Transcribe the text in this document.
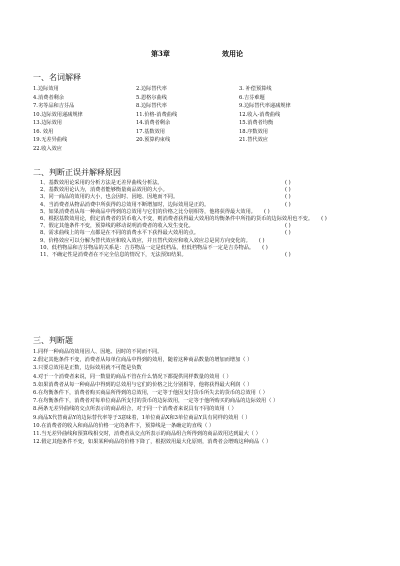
第3章	效用论
一、名词解释
1.边际效用	2.边际替代率	3. 补偿预算线
4.消费者剩余	5.恩格尔曲线	6.吉芬难题
7.劣等品和吉芬品	8.边际替代率	9.边际替代率递减规律
10.边际效用递减规律	11.价格-消费曲线	12.收入-消费曲线
13.边际效用	14.消费者剩余	15.消费者均衡
16. 效用	17.基数效用	18.序数效用
19.无差异曲线	20.预算约束线	21.替代效应
22.收入效应
二、判断正误并解释原因
1、基数效用论采用的分析方法是无差异曲线分析法。	( )
2、基数效用论认为，消费者能够衡量商品效用的大小。	( )
3、同一商品的效用的大小，也会因时、因地、因地而不同。	( )
4、当消费者从物品消费中所获得的总效用不断增加时，边际效用是正的。	( )
5、如果消费者从每一种商品中得到的总效用与它们的价格之比分别相等，他将获得最大效用。 ( )
6、根据基数效用论，假定消费者的货币收入不变，则消费者获得最大效用的均衡条件中所指的货币的边际效用也不变。 ( )
7、假定其他条件不变，预算线的移动说明消费者的收入发生变化。	( )
8、需求曲线上的每一点都是在不同的消费水平下获得最大效用的点。	( )
9、价格效应可以分解为替代效应和收入效应，并且替代效应和收入效应总是同方向变化的。 ( )
10、低档物品和吉芬物品的关系是：吉芬物品一定是低档品，但低档物品不一定是吉芬物品。 ( )
11、不确定性是消费者在不完全信息的情况下，无法预知结果。	( )
三、判断题
1.同样一种商品的效用因人、因地、因时的不同而不同。
2.假定其他条件不变，消费者从每单位商品中得到的效用，随着这种商品数量的增加而增加（ ）
3.只要总效用是正数，边际效用就不可能是负数
4.对于一个消费者来说，同一数量的商品不管在什么情况下都提供同样数量的效用（ ）
5.如果消费者从每一种商品中得到的总效用与它们的价格之比分别相等，他将获得最大利润（ ）
6.在均衡条件下，消费者购买商品所得到的总效用，一定等于他因支付货币所失去的货币的总效用（ ）
7.在均衡条件下，消费者对每单位商品所支付的货币的边际效用，一定等于他所购买的商品的边际效用（ ）
8.两条无差异曲线的交点所表示的商品组合，对于同一个消费者来说具有不同的效用（ ）
9.商品X代替商品Y的边际替代率等于3意味着，1单位商品X和3单位商品Y具有同样的效用（ ）
10.在消费者的收入和商品的价格一定的条件下，预算线是一条确定的直线（ ）
11.当无差异曲线和预算线相交时，消费者从交点所表示的商品组合所得到的商品效用达到最大（ ）
12.假定其他条件不变，如果某种商品的价格下降了，根据效用最大化原则，消费者会增购这种商品（ ）
